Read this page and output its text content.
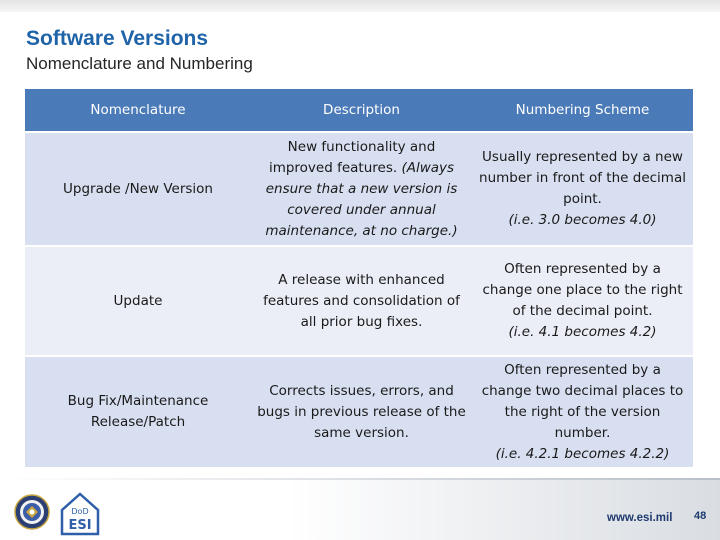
Software Versions
Nomenclature and Numbering
Nomenclature	Description	Numbering Scheme
Upgrade /New Version	New functionality and improved features. (Always ensure that a new version is covered under annual maintenance, at no charge.)	Usually represented by a new number in front of the decimal point.
(i.e. 3.0 becomes 4.0)

Update	A release with enhanced features and consolidation of all prior bug fixes.	Often represented by a change one place to the right of the decimal point.
(i.e. 4.1 becomes 4.2)

Bug Fix/Maintenance Release/Patch	Corrects issues, errors, and bugs in previous release of the same version.	Often represented by a change two decimal places to the right of the version number.
(i.e. 4.2.1 becomes 4.2.2)
DoD
ESI	www.esi.mil 48
